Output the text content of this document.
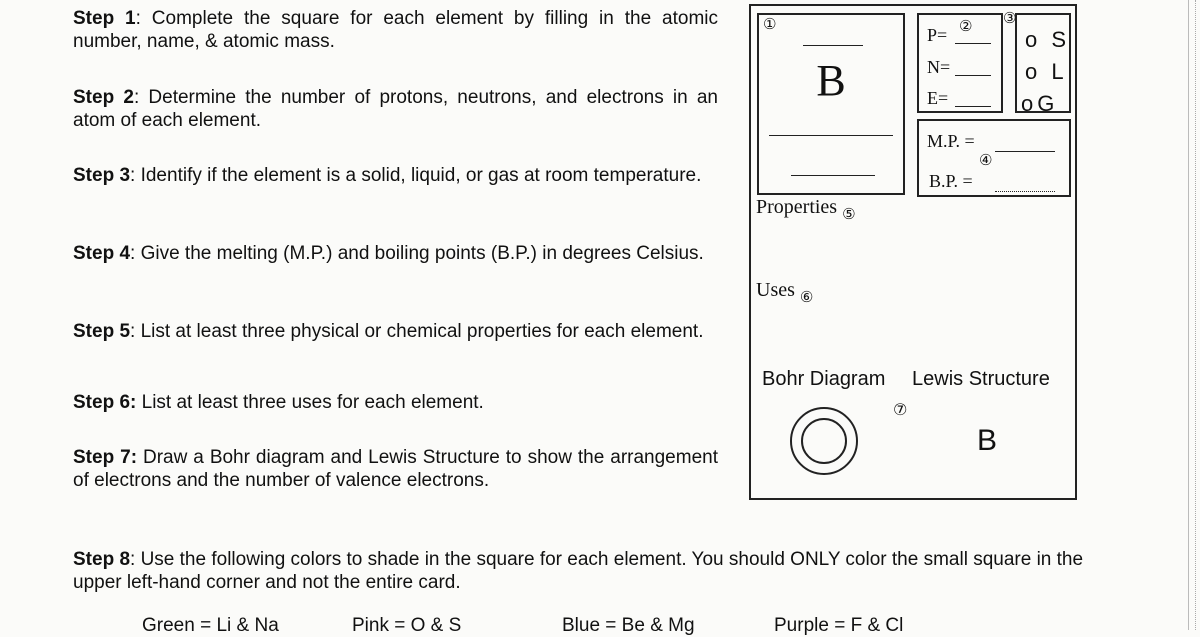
Step 1: Complete the square for each element by filling in the atomic number, name, & atomic mass.
Step 2: Determine the number of protons, neutrons, and electrons in an atom of each element.
Step 3: Identify if the element is a solid, liquid, or gas at room temperature.
Step 4: Give the melting (M.P.) and boiling points (B.P.) in degrees Celsius.
Step 5: List at least three physical or chemical properties for each element.
Step 6: List at least three uses for each element.
Step 7: Draw a Bohr diagram and Lewis Structure to show the arrangement of electrons and the number of valence electrons.
Step 8: Use the following colors to shade in the square for each element. You should ONLY color the small square in the upper left-hand corner and not the entire card.
Green = Li & Na	Pink = O & S	Blue = Be & Mg	Purple = F & Cl
①
B
②
P=
N=
E=
③
o S
o L
oG
M.P. =
④
B.P. =
Properties $_⑤$
Uses $_⑥$
Bohr Diagram Lewis Structure
⑦
B
